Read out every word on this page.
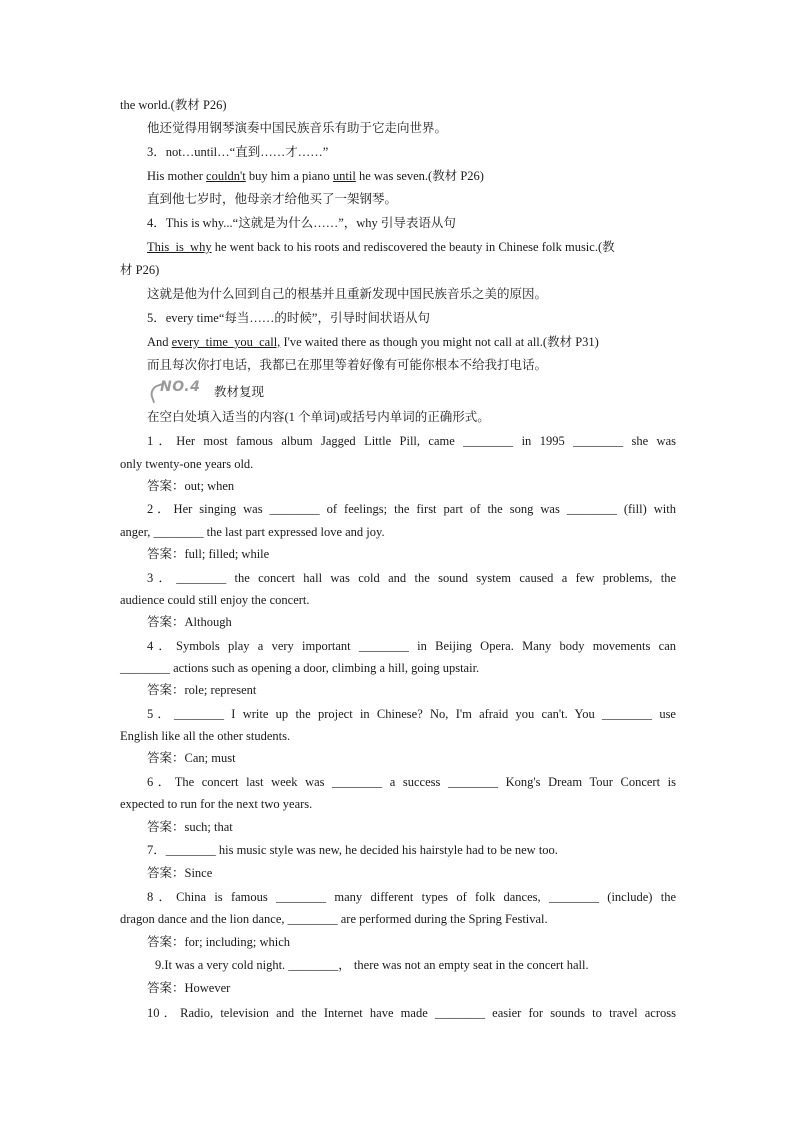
the world.(教材 P26)
他还觉得用钢琴演奏中国民族音乐有助于它走向世界。
3．not…until…“直到……才……”
His mother couldn't buy him a piano until he was seven.(教材 P26)
直到他七岁时，他母亲才给他买了一架钢琴。
4．This is why...“这就是为什么……”，why 引导表语从句
This_is_why he went back to his roots and rediscovered the beauty in Chinese folk music.(教
材 P26)
这就是他为什么回到自己的根基并且重新发现中国民族音乐之美的原因。
5．every time“每当……的时候”，引导时间状语从句
And every_time_you_call, I've waited there as though you might not call at all.(教材 P31)
而且每次你打电话，我都已在那里等着好像有可能你根本不给我打电话。
NO.4 教材复现
在空白处填入适当的内容(1 个单词)或括号内单词的正确形式。
1．Her most famous album Jagged Little Pill, came ________ in 1995 ________ she was
only twenty-one years old.
答案：out; when
2．Her singing was ________ of feelings; the first part of the song was ________ (fill) with
anger, ________ the last part expressed love and joy.
答案：full; filled; while
3．________ the concert hall was cold and the sound system caused a few problems, the
audience could still enjoy the concert.
答案：Although
4．Symbols play a very important ________ in Beijing Opera. Many body movements can
________ actions such as opening a door, climbing a hill, going upstair.
答案：role; represent
5．________ I write up the project in Chinese? No, I'm afraid you can't. You ________ use
English like all the other students.
答案：Can; must
6．The concert last week was ________ a success ________ Kong's Dream Tour Concert is
expected to run for the next two years.
答案：such; that
7．________ his music style was new, he decided his hairstyle had to be new too.
答案：Since
8．China is famous ________ many different types of folk dances, ________ (include) the
dragon dance and the lion dance, ________ are performed during the Spring Festival.
答案：for; including; which
9.It was a very cold night. ________， there was not an empty seat in the concert hall.
答案：However
10．Radio, television and the Internet have made ________ easier for sounds to travel across
